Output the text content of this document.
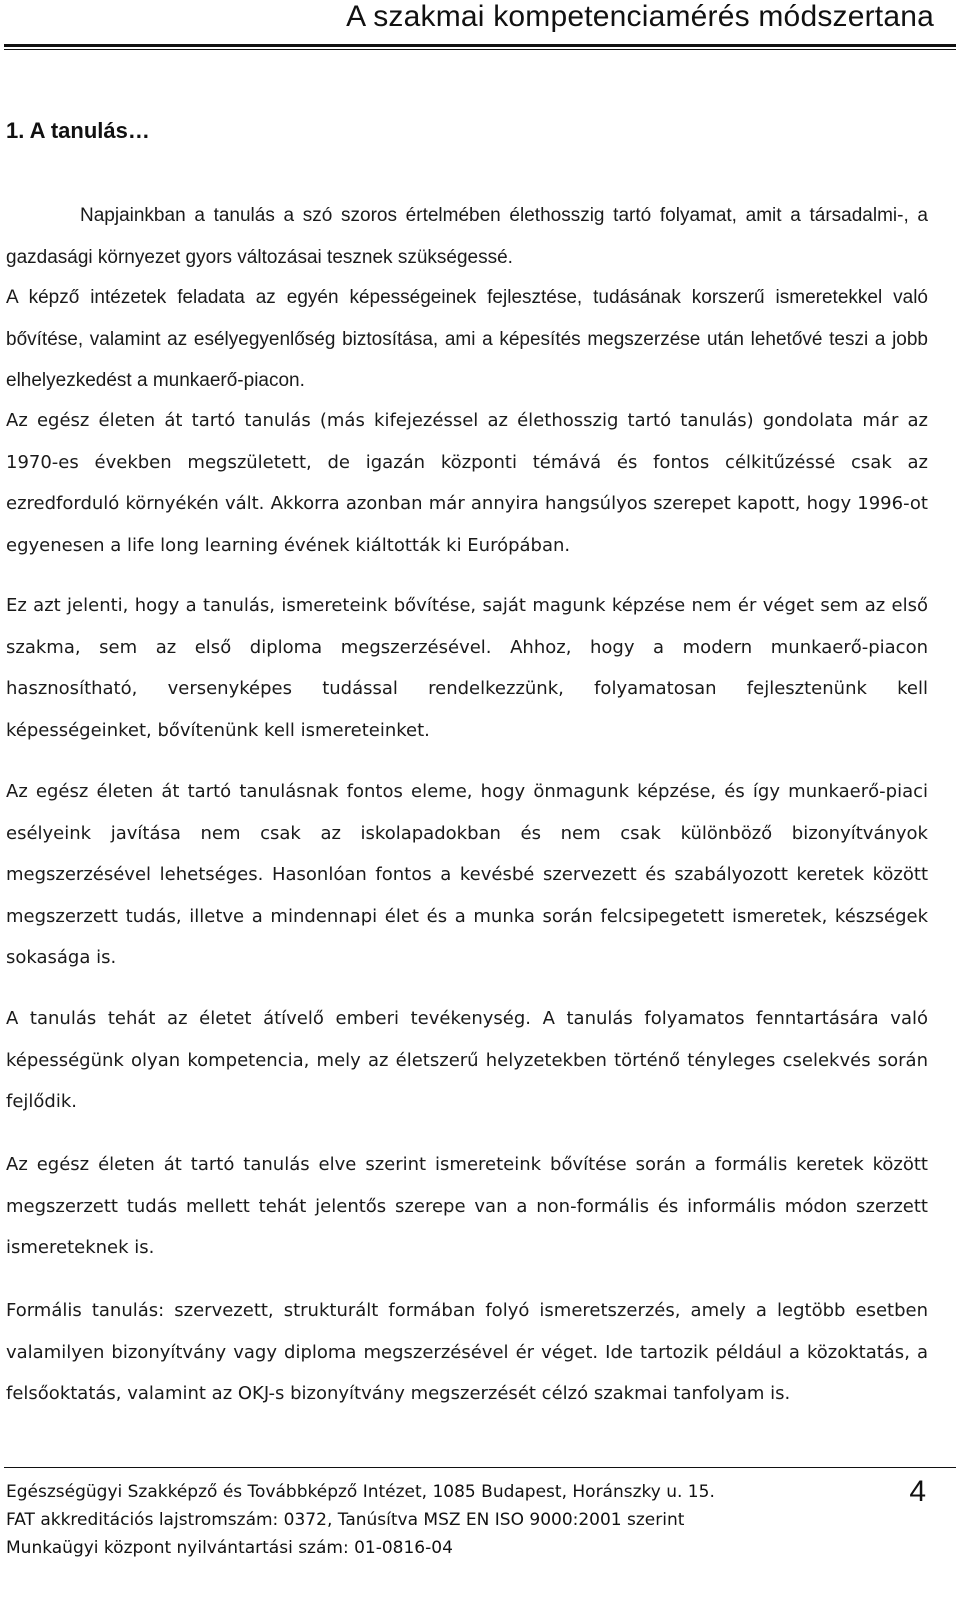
A szakmai kompetenciamérés módszertana
1. A tanulás…

Napjainkban a tanulás a szó szoros értelmében élethosszig tartó folyamat, amit a társadalmi-, a gazdasági környezet gyors változásai tesznek szükségessé.

A képző intézetek feladata az egyén képességeinek fejlesztése, tudásának korszerű ismeretekkel való bővítése, valamint az esélyegyenlőség biztosítása, ami a képesítés megszerzése után lehetővé teszi a jobb elhelyezkedést a munkaerő-piacon.

Az egész életen át tartó tanulás (más kifejezéssel az élethosszig tartó tanulás) gondolata már az 1970-es években megszületett, de igazán központi témává és fontos célkitűzéssé csak az ezredforduló környékén vált. Akkorra azonban már annyira hangsúlyos szerepet kapott, hogy 1996-ot egyenesen a life long learning évének kiáltották ki Európában.

Ez azt jelenti, hogy a tanulás, ismereteink bővítése, saját magunk képzése nem ér véget sem az első szakma, sem az első diploma megszerzésével. Ahhoz, hogy a modern munkaerő-piacon hasznosítható, versenyképes tudással rendelkezzünk, folyamatosan fejlesztenünk kell képességeinket, bővítenünk kell ismereteinket.

Az egész életen át tartó tanulásnak fontos eleme, hogy önmagunk képzése, és így munkaerő-piaci esélyeink javítása nem csak az iskolapadokban és nem csak különböző bizonyítványok megszerzésével lehetséges. Hasonlóan fontos a kevésbé szervezett és szabályozott keretek között megszerzett tudás, illetve a mindennapi élet és a munka során felcsipegetett ismeretek, készségek sokasága is.

A tanulás tehát az életet átívelő emberi tevékenység. A tanulás folyamatos fenntartására való képességünk olyan kompetencia, mely az életszerű helyzetekben történő tényleges cselekvés során fejlődik.

Az egész életen át tartó tanulás elve szerint ismereteink bővítése során a formális keretek között megszerzett tudás mellett tehát jelentős szerepe van a non-formális és informális módon szerzett ismereteknek is.

Formális tanulás: szervezett, strukturált formában folyó ismeretszerzés, amely a legtöbb esetben valamilyen bizonyítvány vagy diploma megszerzésével ér véget. Ide tartozik például a közoktatás, a felsőoktatás, valamint az OKJ-s bizonyítvány megszerzését célzó szakmai tanfolyam is.

Egészségügyi Szakképző és Továbbképző Intézet, 1085 Budapest, Horánszky u. 15.
FAT akkreditációs lajstromszám: 0372, Tanúsítva MSZ EN ISO 9000:2001 szerint
Munkaügyi központ nyilvántartási szám: 01-0816-04
4
